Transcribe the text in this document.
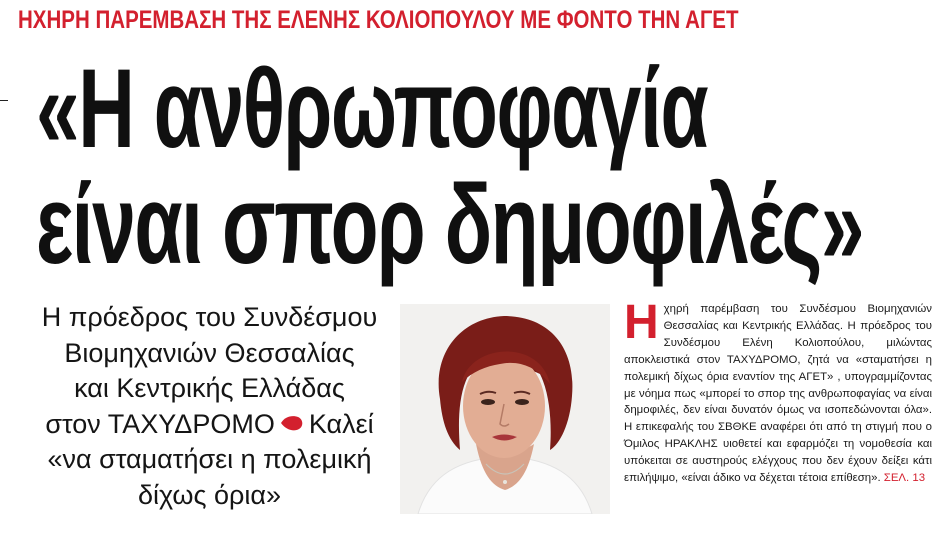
ΗΧΗΡΗ ΠΑΡΕΜΒΑΣΗ ΤΗΣ ΕΛΕΝΗΣ ΚΟΛΙΟΠΟΥΛΟΥ ΜΕ ΦΟΝΤΟ ΤΗΝ ΑΓΕΤ
«Η ανθρωποφαγία
είναι σπορ δημοφιλές»
Η πρόεδρος του Συνδέσμου
Βιομηχανιών Θεσσαλίας
και Κεντρικής Ελλάδας
στον ΤΑΧΥΔΡΟΜΟ Καλεί
«να σταματήσει η πολεμική
δίχως όρια»
Ηχηρή παρέμβαση του Συνδέσμου Βιομηχανιών Θεσσαλίας και Κεντρικής Ελλάδας. Η πρόεδρος του Συνδέσμου Ελένη Κολιοπούλου, μιλώντας αποκλειστικά στον ΤΑΧΥΔΡΟΜΟ, ζητά να «σταματήσει η πολεμική δίχως όρια εναντίον της ΑΓΕΤ» , υπογραμμίζοντας με νόημα πως «μπορεί το σπορ της ανθρωποφαγίας να είναι δημοφιλές, δεν είναι δυνατόν όμως να ισοπεδώνονται όλα». Η επικεφαλής του ΣΒΘΚΕ αναφέρει ότι από τη στιγμή που ο Όμιλος ΗΡΑΚΛΗΣ υιοθετεί και εφαρμόζει τη νομοθεσία και υπόκειται σε αυστηρούς ελέγχους που δεν έχουν δείξει κάτι επιλήψιμο, «είναι άδικο να δέχεται τέτοια επίθεση». ΣΕΛ. 13
